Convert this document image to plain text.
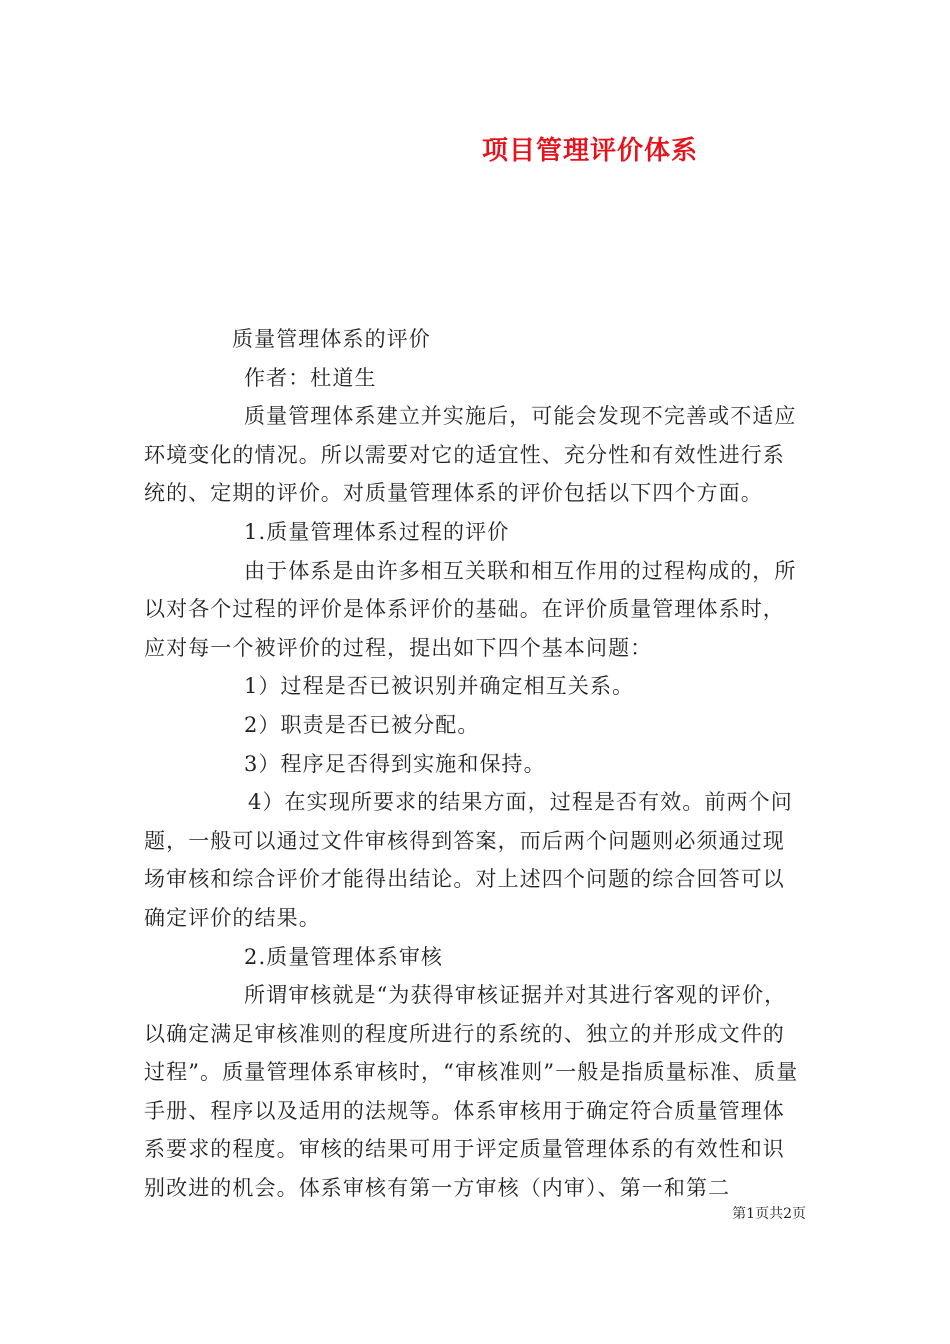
项目管理评价体系

质量管理体系的评价

作者：杜道生

质量管理体系建立并实施后，可能会发现不完善或不适应环境变化的情况。所以需要对它的适宜性、充分性和有效性进行系统的、定期的评价。对质量管理体系的评价包括以下四个方面。

1.质量管理体系过程的评价

由于体系是由许多相互关联和相互作用的过程构成的，所以对各个过程的评价是体系评价的基础。在评价质量管理体系时，应对每一个被评价的过程，提出如下四个基本问题：

1）过程是否已被识别并确定相互关系。

2）职责是否已被分配。

3）程序足否得到实施和保持。

4）在实现所要求的结果方面，过程是否有效。前两个问题，一般可以通过文件审核得到答案，而后两个问题则必须通过现场审核和综合评价才能得出结论。对上述四个问题的综合回答可以确定评价的结果。

2.质量管理体系审核

所谓审核就是“为获得审核证据并对其进行客观的评价，以确定满足审核准则的程度所进行的系统的、独立的并形成文件的过程”。质量管理体系审核时，“审核准则”一般是指质量标准、质量手册、程序以及适用的法规等。体系审核用于确定符合质量管理体系要求的程度。审核的结果可用于评定质量管理体系的有效性和识别改进的机会。体系审核有第一方审核（内审）、第一和第二

第1页共2页
